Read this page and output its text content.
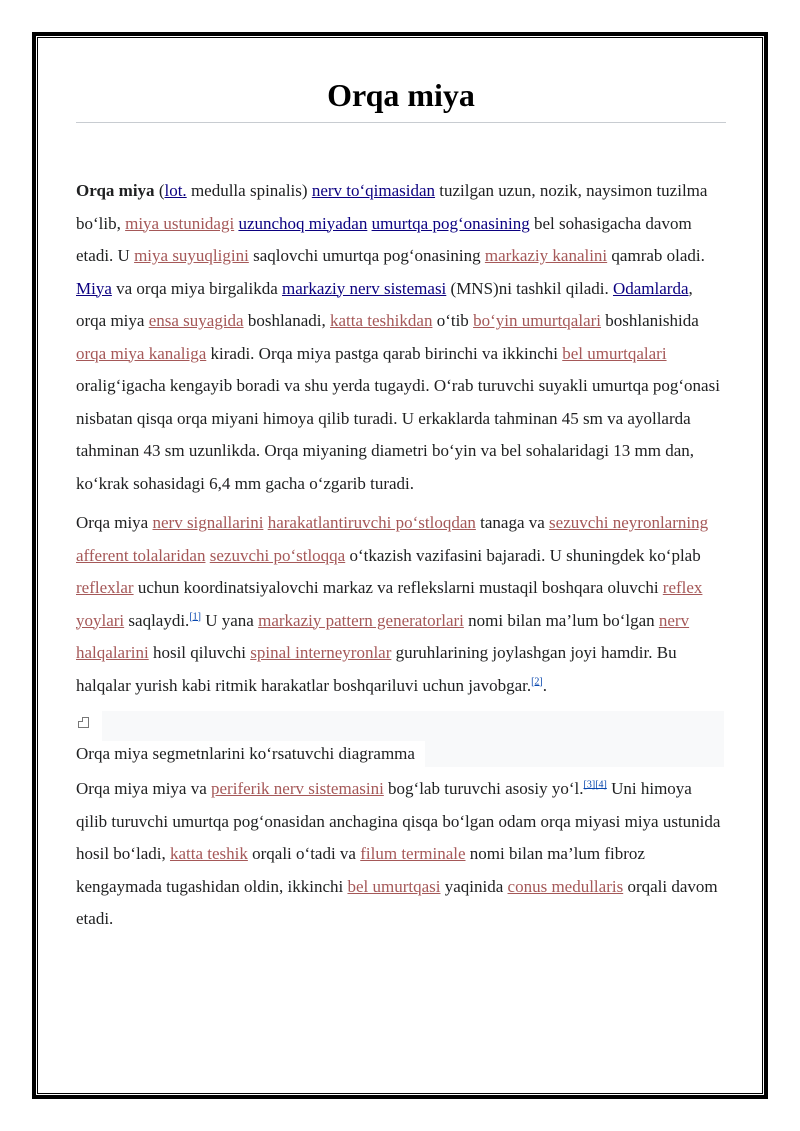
Orqa miya

Orqa miya (lot. medulla spinalis) nerv to‘qimasidan tuzilgan uzun, nozik, naysimon tuzilma bo‘lib, miya ustunidagi uzunchoq miyadan umurtqa pog‘onasining bel sohasigacha davom etadi. U miya suyuqligini saqlovchi umurtqa pog‘onasining markaziy kanalini qamrab oladi. Miya va orqa miya birgalikda markaziy nerv sistemasi (MNS)ni tashkil qiladi. Odamlarda, orqa miya ensa suyagida boshlanadi, katta teshikdan o‘tib bo‘yin umurtqalari boshlanishida orqa miya kanaliga kiradi. Orqa miya pastga qarab birinchi va ikkinchi bel umurtqalari oralig‘igacha kengayib boradi va shu yerda tugaydi. O‘rab turuvchi suyakli umurtqa pog‘onasi nisbatan qisqa orqa miyani himoya qilib turadi. U erkaklarda tahminan 45 sm va ayollarda tahminan 43 sm uzunlikda. Orqa miyaning diametri bo‘yin va bel sohalaridagi 13 mm dan, ko‘krak sohasidagi 6,4 mm gacha o‘zgarib turadi.

Orqa miya nerv signallarini harakatlantiruvchi po‘stloqdan tanaga va sezuvchi neyronlarning afferent tolalaridan sezuvchi po‘stloqqa o‘tkazish vazifasini bajaradi. U shuningdek ko‘plab reflexlar uchun koordinatsiyalovchi markaz va reflekslarni mustaqil boshqara oluvchi reflex yoylari saqlaydi.[1] U yana markaziy pattern generatorlari nomi bilan ma’lum bo‘lgan nerv halqalarini hosil qiluvchi spinal interneyronlar guruhlarining joylashgan joyi hamdir. Bu halqalar yurish kabi ritmik harakatlar boshqariluvi uchun javobgar.[2].

Orqa miya segmetnlarini ko‘rsatuvchi diagramma

Orqa miya miya va periferik nerv sistemasini bog‘lab turuvchi asosiy yo‘l.[3][4] Uni himoya qilib turuvchi umurtqa pog‘onasidan anchagina qisqa bo‘lgan odam orqa miyasi miya ustunida hosil bo‘ladi, katta teshik orqali o‘tadi va filum terminale nomi bilan ma’lum fibroz kengaymada tugashidan oldin, ikkinchi bel umurtqasi yaqinida conus medullaris orqali davom etadi.
